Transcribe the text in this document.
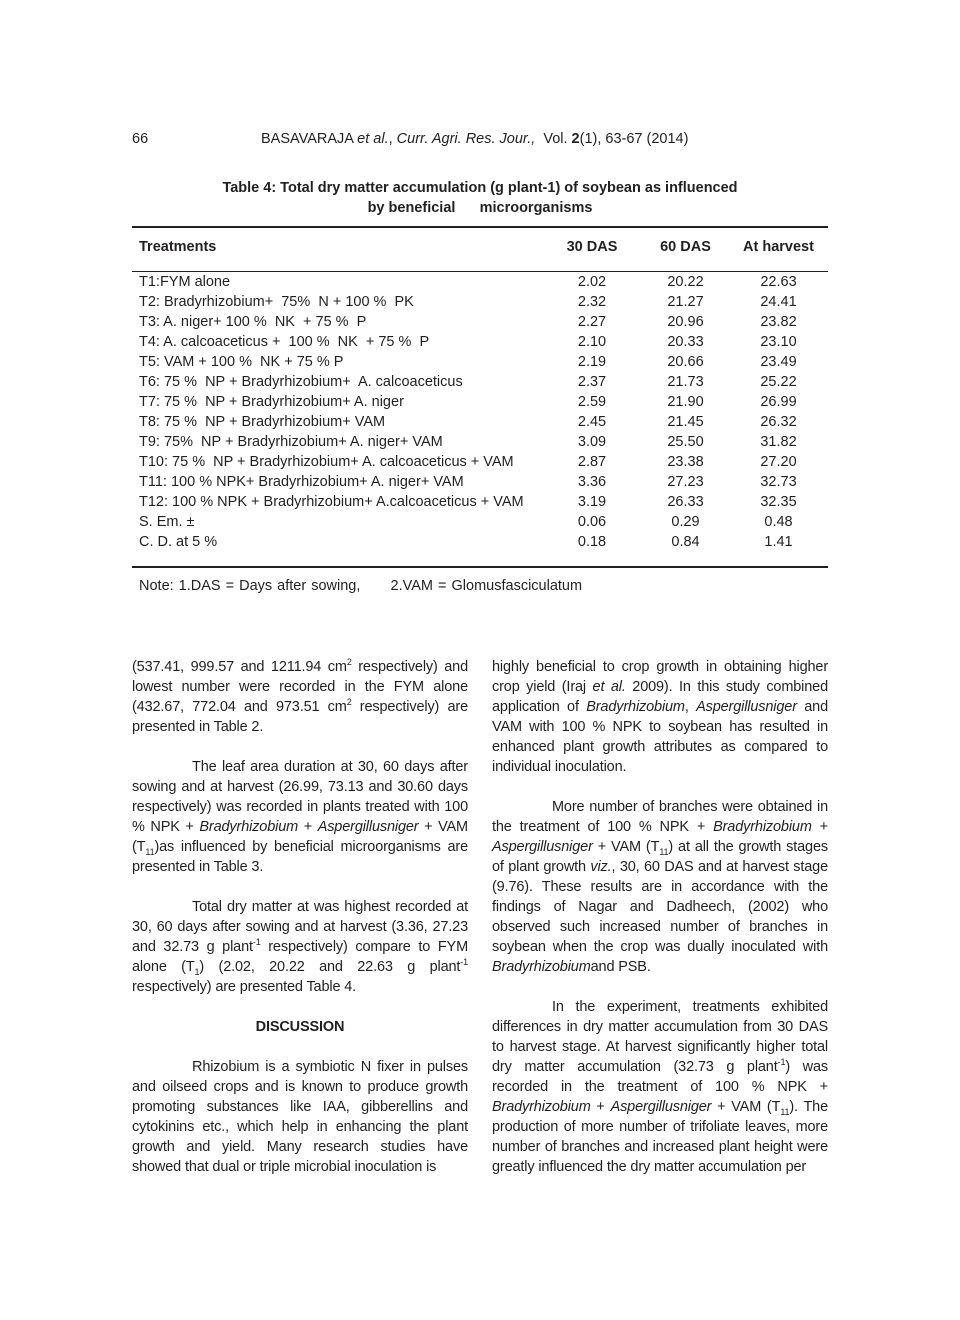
66	BASAVARAJA et al., Curr. Agri. Res. Jour.,  Vol. 2(1), 63-67 (2014)
Table 4: Total dry matter accumulation (g plant-1) of soybean as influenced
by beneficial      microorganisms
Treatments	30 DAS	60 DAS	At harvest

T1:FYM alone	2.02	20.22	22.63
T2: Bradyrhizobium+  75%  N + 100 %  PK	2.32	21.27	24.41
T3: A. niger+ 100 %  NK  + 75 %  P	2.27	20.96	23.82
T4: A. calcoaceticus +  100 %  NK  + 75 %  P	2.10	20.33	23.10
T5: VAM + 100 %  NK + 75 % P	2.19	20.66	23.49
T6: 75 %  NP + Bradyrhizobium+  A. calcoaceticus	2.37	21.73	25.22
T7: 75 %  NP + Bradyrhizobium+ A. niger	2.59	21.90	26.99
T8: 75 %  NP + Bradyrhizobium+ VAM	2.45	21.45	26.32
T9: 75%  NP + Bradyrhizobium+ A. niger+ VAM	3.09	25.50	31.82
T10: 75 %  NP + Bradyrhizobium+ A. calcoaceticus + VAM	2.87	23.38	27.20
T11: 100 % NPK+ Bradyrhizobium+ A. niger+ VAM	3.36	27.23	32.73
T12: 100 % NPK + Bradyrhizobium+ A.calcoaceticus + VAM	3.19	26.33	32.35
S. Em. ±	0.06	0.29	0.48
C. D. at 5 %	0.18	0.84	1.41
Note: 1.DAS = Days after sowing,      2.VAM = Glomusfasciculatum

(537.41, 999.57 and 1211.94 $cm^2$ respectively) and lowest number were recorded in the FYM alone (432.67, 772.04 and 973.51 $cm^2$ respectively) are presented in Table 2.

The leaf area duration at 30, 60 days after sowing and at harvest (26.99, 73.13 and 30.60 days respectively) was recorded in plants treated with 100 % NPK + Bradyrhizobium + Aspergillusniger + VAM $(T_{11})as$ influenced by beneficial microorganisms are presented in Table 3.

Total dry matter at was highest recorded at 30, 60 days after sowing and at harvest (3.36, 27.23 and 32.73 g plant$^{-1}$ respectively) compare to FYM alone $(T_1)$ (2.02, 20.22 and 22.63 g plant$^{-1}$ respectively) are presented Table 4.

DISCUSSION

Rhizobium is a symbiotic N fixer in pulses and oilseed crops and is known to produce growth promoting substances like IAA, gibberellins and cytokinins etc., which help in enhancing the plant growth and yield. Many research studies have showed that dual or triple microbial inoculation is

highly beneficial to crop growth in obtaining higher crop yield (Iraj et al. 2009). In this study combined application of Bradyrhizobium, Aspergillusniger and VAM with 100 % NPK to soybean has resulted in enhanced plant growth attributes as compared to individual inoculation.

More number of branches were obtained in the treatment of 100 % NPK + Bradyrhizobium + Aspergillusniger + VAM $(T_{11})$ at all the growth stages of plant growth viz., 30, 60 DAS and at harvest stage (9.76). These results are in accordance with the findings of Nagar and Dadheech, (2002) who observed such increased number of branches in soybean when the crop was dually inoculated with Bradyrhizobiumand PSB.

In the experiment, treatments exhibited differences in dry matter accumulation from 30 DAS to harvest stage. At harvest significantly higher total dry matter accumulation (32.73 g plant$^{-1}$) was recorded in the treatment of 100 % NPK + Bradyrhizobium + Aspergillusniger + VAM $(T_{11})$. The production of more number of trifoliate leaves, more number of branches and increased plant height were greatly influenced the dry matter accumulation per
